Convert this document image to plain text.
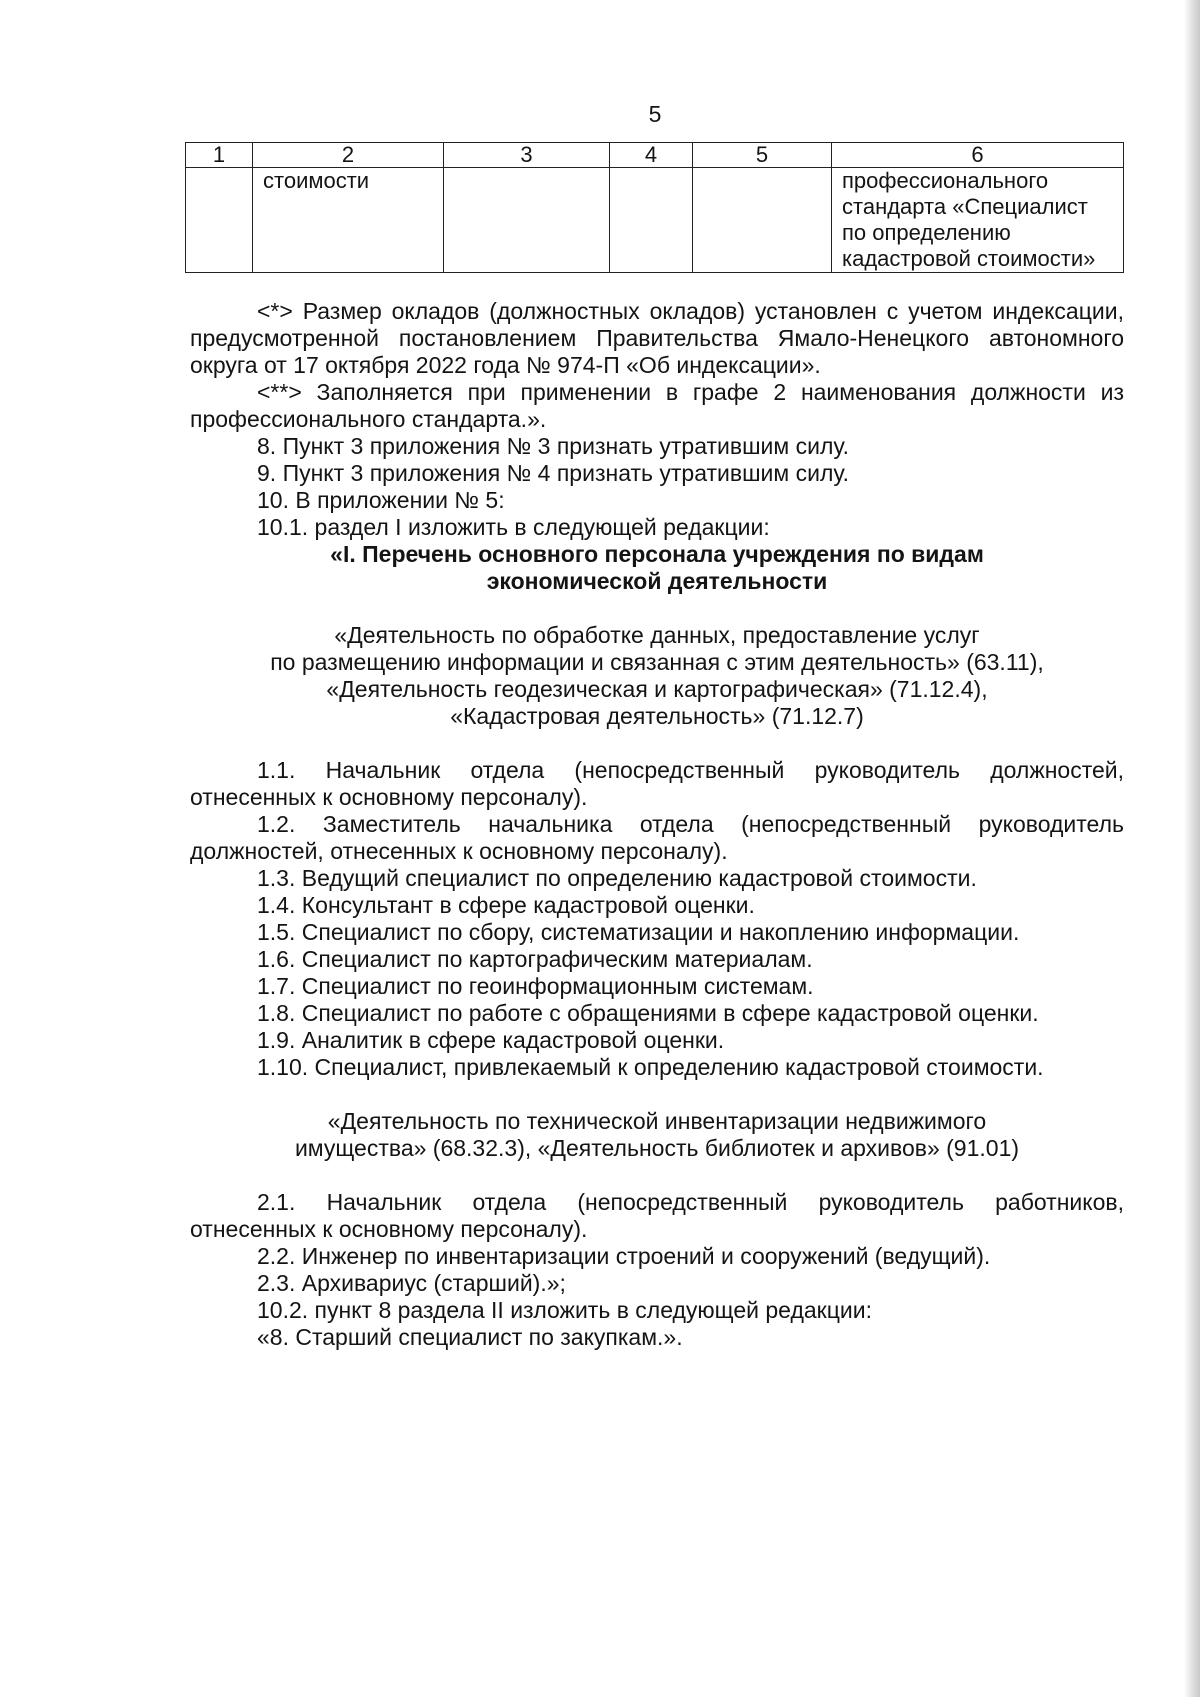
5
1	2	3	4	5	6
	стоимости				профессионального
стандарта «Специалист
по определению
кадастровой стоимости»

<*> Размер окладов (должностных окладов) установлен с учетом индексации, предусмотренной постановлением Правительства Ямало-Ненецкого автономного округа от 17 октября 2022 года № 974-П «Об индексации».

<**> Заполняется при применении в графе 2 наименования должности из профессионального стандарта.».

8. Пункт 3 приложения № 3 признать утратившим силу.

9. Пункт 3 приложения № 4 признать утратившим силу.

10. В приложении № 5:

10.1. раздел I изложить в следующей редакции:

«I. Перечень основного персонала учреждения по видам

экономической деятельности

«Деятельность по обработке данных, предоставление услуг

по размещению информации и связанная с этим деятельность» (63.11),

«Деятельность геодезическая и картографическая» (71.12.4),

«Кадастровая деятельность» (71.12.7)

1.1. Начальник отдела (непосредственный руководитель должностей, отнесенных к основному персоналу).

1.2. Заместитель начальника отдела (непосредственный руководитель должностей, отнесенных к основному персоналу).

1.3. Ведущий специалист по определению кадастровой стоимости.

1.4. Консультант в сфере кадастровой оценки.

1.5. Специалист по сбору, систематизации и накоплению информации.

1.6. Специалист по картографическим материалам.

1.7. Специалист по геоинформационным системам.

1.8. Специалист по работе с обращениями в сфере кадастровой оценки.

1.9. Аналитик в сфере кадастровой оценки.

1.10. Специалист, привлекаемый к определению кадастровой стоимости.

«Деятельность по технической инвентаризации недвижимого

имущества» (68.32.3), «Деятельность библиотек и архивов» (91.01)

2.1. Начальник отдела (непосредственный руководитель работников, отнесенных к основному персоналу).

2.2. Инженер по инвентаризации строений и сооружений (ведущий).

2.3. Архивариус (старший).»;

10.2. пункт 8 раздела II изложить в следующей редакции:

«8. Старший специалист по закупкам.».
